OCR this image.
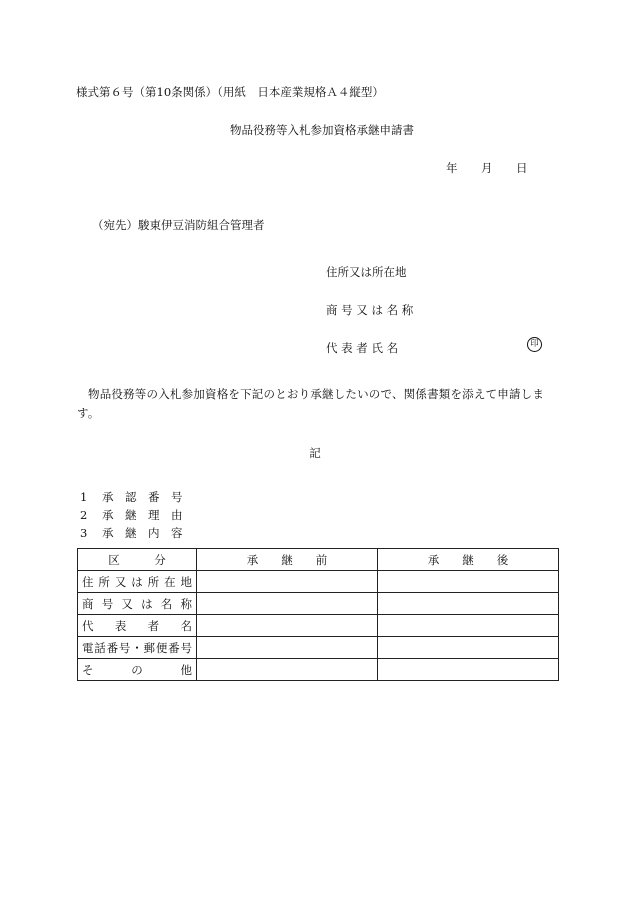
様式第６号（第10条関係）（用紙　日本産業規格Ａ４縦型）
物品役務等入札参加資格承継申請書
年 月 日
（宛先）駿東伊豆消防組合管理者
住所又は所在地
商 号 又 は 名 称
代 表 者 氏 名	印
物品役務等の入札参加資格を下記のとおり承継したいので、関係書類を添えて申請します。
記
1 承　認　番　号
2 承　継　理　由
3 承　継　内　容
区　　　分	承　　継　　前	承　　継　　後
住所又は所在地		
商号又は名称		
代表者名		
電話番号・郵便番号		
その他		
